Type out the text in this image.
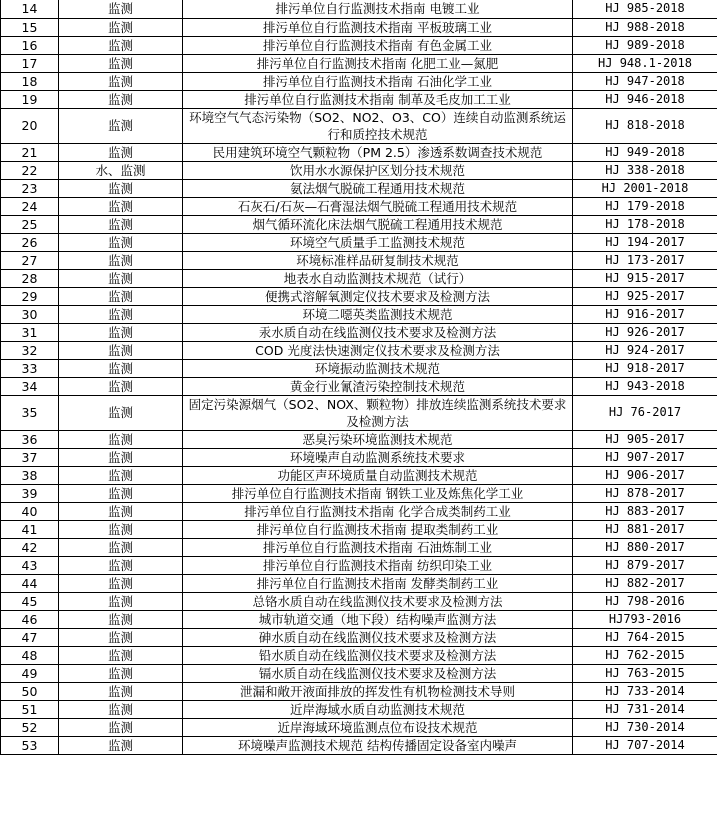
14	监测	排污单位自行监测技术指南 电镀工业	HJ 985-2018
15	监测	排污单位自行监测技术指南 平板玻璃工业	HJ 988-2018
16	监测	排污单位自行监测技术指南 有色金属工业	HJ 989-2018
17	监测	排污单位自行监测技术指南 化肥工业—氮肥	HJ 948.1-2018
18	监测	排污单位自行监测技术指南 石油化学工业	HJ 947-2018
19	监测	排污单位自行监测技术指南 制革及毛皮加工工业	HJ 946-2018
20	监测	环境空气气态污染物（SO2、NO2、O3、CO）连续自动监测系统运行和质控技术规范	HJ 818-2018
21	监测	民用建筑环境空气颗粒物（PM 2.5）渗透系数调查技术规范	HJ 949-2018
22	水、监测	饮用水水源保护区划分技术规范	HJ 338-2018
23	监测	氨法烟气脱硫工程通用技术规范	HJ 2001-2018
24	监测	石灰石/石灰—石膏湿法烟气脱硫工程通用技术规范	HJ 179-2018
25	监测	烟气循环流化床法烟气脱硫工程通用技术规范	HJ 178-2018
26	监测	环境空气质量手工监测技术规范	HJ 194-2017
27	监测	环境标准样品研复制技术规范	HJ 173-2017
28	监测	地表水自动监测技术规范（试行）	HJ 915-2017
29	监测	便携式溶解氧测定仪技术要求及检测方法	HJ 925-2017
30	监测	环境二噁英类监测技术规范	HJ 916-2017
31	监测	汞水质自动在线监测仪技术要求及检测方法	HJ 926-2017
32	监测	COD 光度法快速测定仪技术要求及检测方法	HJ 924-2017
33	监测	环境振动监测技术规范	HJ 918-2017
34	监测	黄金行业氰渣污染控制技术规范	HJ 943-2018
35	监测	固定污染源烟气（SO2、NOX、颗粒物）排放连续监测系统技术要求及检测方法	HJ 76-2017
36	监测	恶臭污染环境监测技术规范	HJ 905-2017
37	监测	环境噪声自动监测系统技术要求	HJ 907-2017
38	监测	功能区声环境质量自动监测技术规范	HJ 906-2017
39	监测	排污单位自行监测技术指南 钢铁工业及炼焦化学工业	HJ 878-2017
40	监测	排污单位自行监测技术指南 化学合成类制药工业	HJ 883-2017
41	监测	排污单位自行监测技术指南 提取类制药工业	HJ 881-2017
42	监测	排污单位自行监测技术指南 石油炼制工业	HJ 880-2017
43	监测	排污单位自行监测技术指南 纺织印染工业	HJ 879-2017
44	监测	排污单位自行监测技术指南 发酵类制药工业	HJ 882-2017
45	监测	总铬水质自动在线监测仪技术要求及检测方法	HJ 798-2016
46	监测	城市轨道交通（地下段）结构噪声监测方法	HJ793-2016
47	监测	砷水质自动在线监测仪技术要求及检测方法	HJ 764-2015
48	监测	铅水质自动在线监测仪技术要求及检测方法	HJ 762-2015
49	监测	镉水质自动在线监测仪技术要求及检测方法	HJ 763-2015
50	监测	泄漏和敞开液面排放的挥发性有机物检测技术导则	HJ 733-2014
51	监测	近岸海域水质自动监测技术规范	HJ 731-2014
52	监测	近岸海域环境监测点位布设技术规范	HJ 730-2014
53	监测	环境噪声监测技术规范 结构传播固定设备室内噪声	HJ 707-2014
